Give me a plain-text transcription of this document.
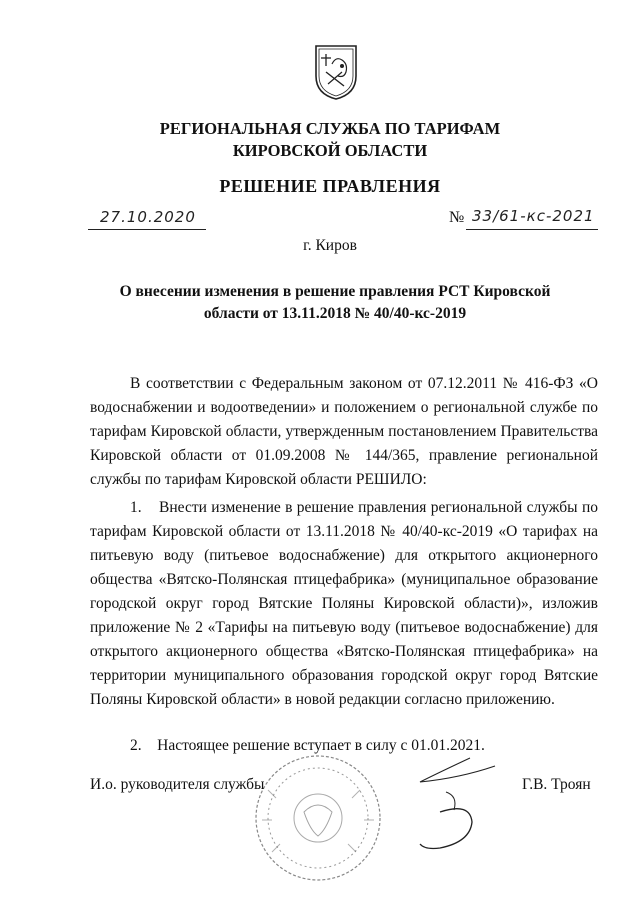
РЕГИОНАЛЬНАЯ СЛУЖБА ПО ТАРИФАМ
КИРОВСКОЙ ОБЛАСТИ
РЕШЕНИЕ ПРАВЛЕНИЯ
27.10.2020	№ 33/61-кс-2021
г. Киров
О внесении изменения в решение правления РСТ Кировской области от 13.11.2018 № 40/40-кс-2019
В соответствии с Федеральным законом от 07.12.2011 № 416-ФЗ «О водоснабжении и водоотведении» и положением о региональной службе по тарифам Кировской области, утвержденным постановлением Правительства Кировской области от 01.09.2008 № 144/365, правление региональной службы по тарифам Кировской области РЕШИЛО:
1.    Внести изменение в решение правления региональной службы по тарифам Кировской области от 13.11.2018 № 40/40-кс-2019 «О тарифах на питьевую воду (питьевое водоснабжение) для открытого акционерного общества «Вятско-Полянская птицефабрика» (муниципальное образование городской округ город Вятские Поляны Кировской области)», изложив приложение № 2 «Тарифы на питьевую воду (питьевое водоснабжение) для открытого акционерного общества «Вятско-Полянская птицефабрика» на территории муниципального образования городской округ город Вятские Поляны Кировской области» в новой редакции согласно приложению.
2.    Настоящее решение вступает в силу с 01.01.2021.
И.о. руководителя службы	Г.В. Троян
